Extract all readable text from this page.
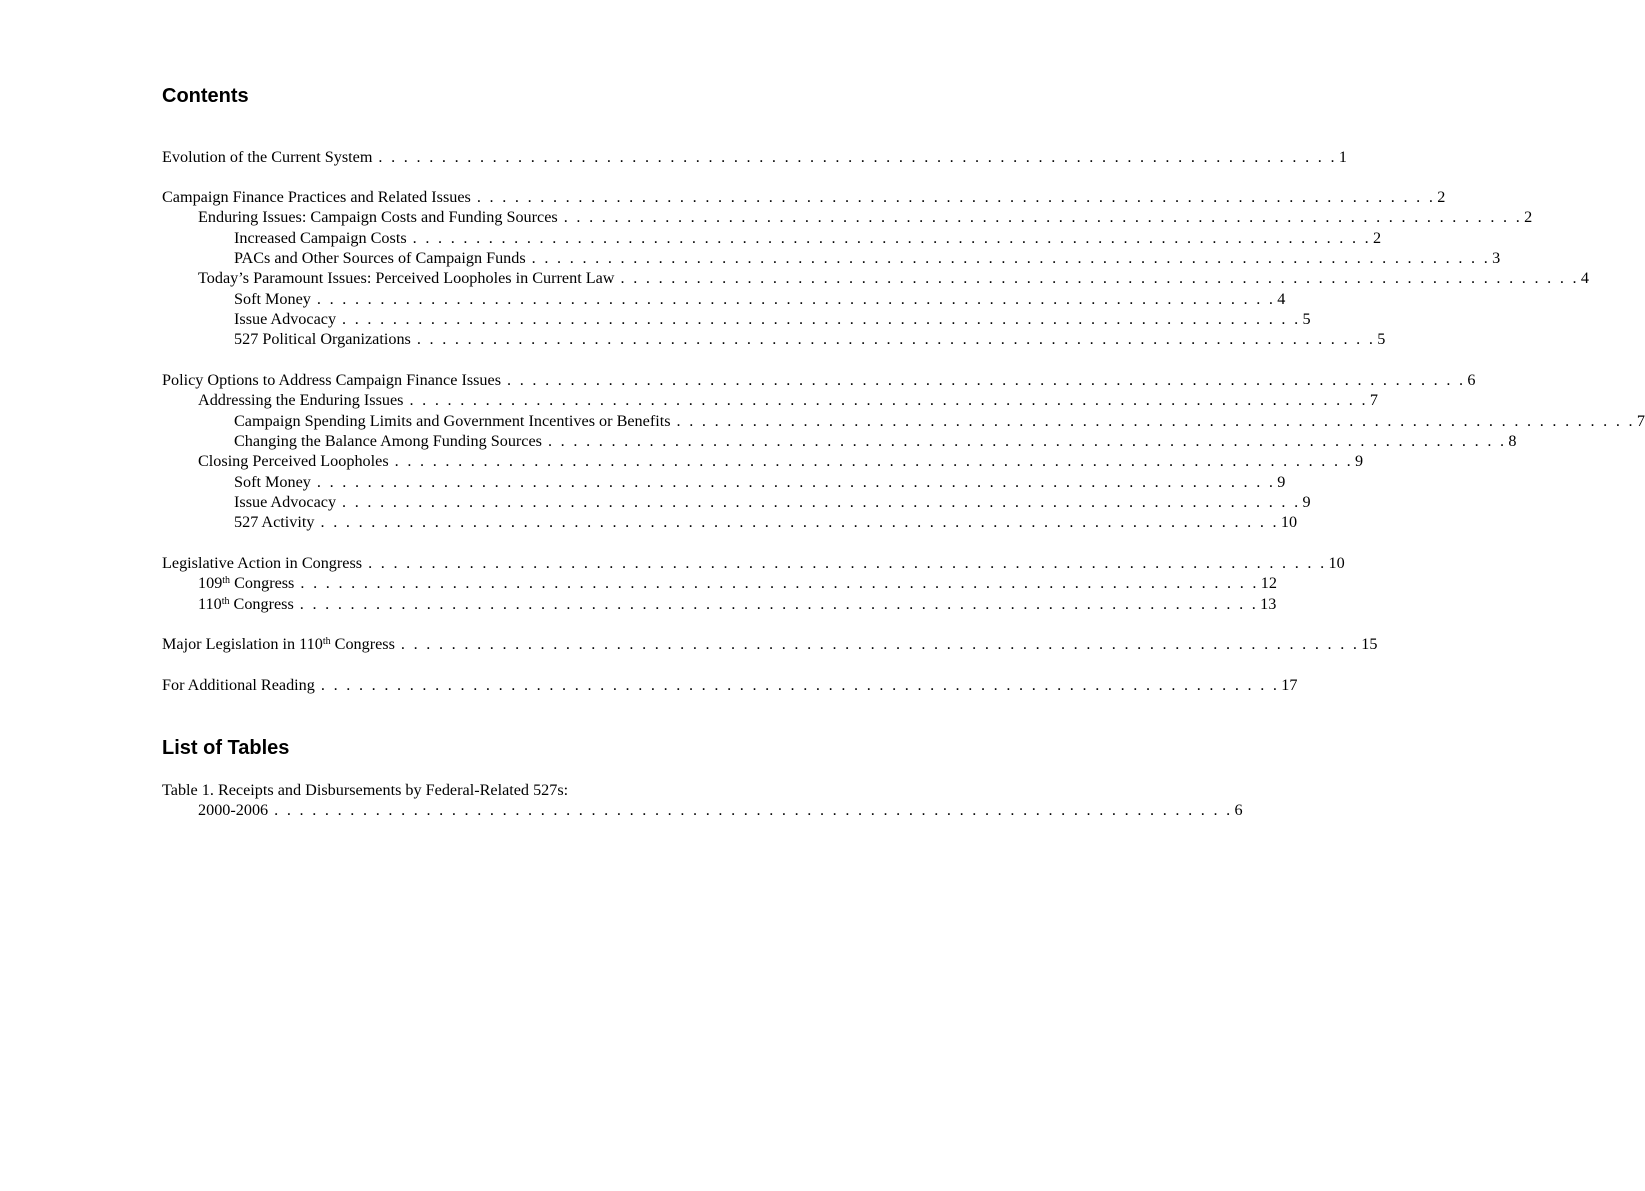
Contents
Evolution of the Current System . . . . . . . . . . . . . . . . . . . . . . . . . . . . . . . . . . . . . . . . . . . . . . . . . . . . . . . . . . . . . . . . . . . . . . . . . . . . 1
Campaign Finance Practices and Related Issues . . . . . . . . . . . . . . . . . . . . . . . . . . . . . . . . . . . . . . . . . . . . . . . . . . . . . . . . . . . . . . . . . . . . . . . . . . . . 2
Enduring Issues: Campaign Costs and Funding Sources . . . . . . . . . . . . . . . . . . . . . . . . . . . . . . . . . . . . . . . . . . . . . . . . . . . . . . . . . . . . . . . . . . . . . . . . . . . . 2
Increased Campaign Costs . . . . . . . . . . . . . . . . . . . . . . . . . . . . . . . . . . . . . . . . . . . . . . . . . . . . . . . . . . . . . . . . . . . . . . . . . . . . 2
PACs and Other Sources of Campaign Funds . . . . . . . . . . . . . . . . . . . . . . . . . . . . . . . . . . . . . . . . . . . . . . . . . . . . . . . . . . . . . . . . . . . . . . . . . . . . 3
Today’s Paramount Issues: Perceived Loopholes in Current Law . . . . . . . . . . . . . . . . . . . . . . . . . . . . . . . . . . . . . . . . . . . . . . . . . . . . . . . . . . . . . . . . . . . . . . . . . . . . 4
Soft Money . . . . . . . . . . . . . . . . . . . . . . . . . . . . . . . . . . . . . . . . . . . . . . . . . . . . . . . . . . . . . . . . . . . . . . . . . . . . 4
Issue Advocacy . . . . . . . . . . . . . . . . . . . . . . . . . . . . . . . . . . . . . . . . . . . . . . . . . . . . . . . . . . . . . . . . . . . . . . . . . . . . 5
527 Political Organizations . . . . . . . . . . . . . . . . . . . . . . . . . . . . . . . . . . . . . . . . . . . . . . . . . . . . . . . . . . . . . . . . . . . . . . . . . . . . 5
Policy Options to Address Campaign Finance Issues . . . . . . . . . . . . . . . . . . . . . . . . . . . . . . . . . . . . . . . . . . . . . . . . . . . . . . . . . . . . . . . . . . . . . . . . . . . . 6
Addressing the Enduring Issues . . . . . . . . . . . . . . . . . . . . . . . . . . . . . . . . . . . . . . . . . . . . . . . . . . . . . . . . . . . . . . . . . . . . . . . . . . . . 7
Campaign Spending Limits and Government Incentives or Benefits . . . . . . . . . . . . . . . . . . . . . . . . . . . . . . . . . . . . . . . . . . . . . . . . . . . . . . . . . . . . . . . . . . . . . . . . . . . . 7
Changing the Balance Among Funding Sources . . . . . . . . . . . . . . . . . . . . . . . . . . . . . . . . . . . . . . . . . . . . . . . . . . . . . . . . . . . . . . . . . . . . . . . . . . . . 8
Closing Perceived Loopholes . . . . . . . . . . . . . . . . . . . . . . . . . . . . . . . . . . . . . . . . . . . . . . . . . . . . . . . . . . . . . . . . . . . . . . . . . . . . 9
Soft Money . . . . . . . . . . . . . . . . . . . . . . . . . . . . . . . . . . . . . . . . . . . . . . . . . . . . . . . . . . . . . . . . . . . . . . . . . . . . 9
Issue Advocacy . . . . . . . . . . . . . . . . . . . . . . . . . . . . . . . . . . . . . . . . . . . . . . . . . . . . . . . . . . . . . . . . . . . . . . . . . . . . 9
527 Activity . . . . . . . . . . . . . . . . . . . . . . . . . . . . . . . . . . . . . . . . . . . . . . . . . . . . . . . . . . . . . . . . . . . . . . . . . . . . 10
Legislative Action in Congress . . . . . . . . . . . . . . . . . . . . . . . . . . . . . . . . . . . . . . . . . . . . . . . . . . . . . . . . . . . . . . . . . . . . . . . . . . . . 10
109th Congress . . . . . . . . . . . . . . . . . . . . . . . . . . . . . . . . . . . . . . . . . . . . . . . . . . . . . . . . . . . . . . . . . . . . . . . . . . . . 12
110th Congress . . . . . . . . . . . . . . . . . . . . . . . . . . . . . . . . . . . . . . . . . . . . . . . . . . . . . . . . . . . . . . . . . . . . . . . . . . . . 13
Major Legislation in 110th Congress . . . . . . . . . . . . . . . . . . . . . . . . . . . . . . . . . . . . . . . . . . . . . . . . . . . . . . . . . . . . . . . . . . . . . . . . . . . . 15
For Additional Reading . . . . . . . . . . . . . . . . . . . . . . . . . . . . . . . . . . . . . . . . . . . . . . . . . . . . . . . . . . . . . . . . . . . . . . . . . . . . 17
List of Tables
Table 1. Receipts and Disbursements by Federal-Related 527s:
2000-2006 . . . . . . . . . . . . . . . . . . . . . . . . . . . . . . . . . . . . . . . . . . . . . . . . . . . . . . . . . . . . . . . . . . . . . . . . . . . . 6
